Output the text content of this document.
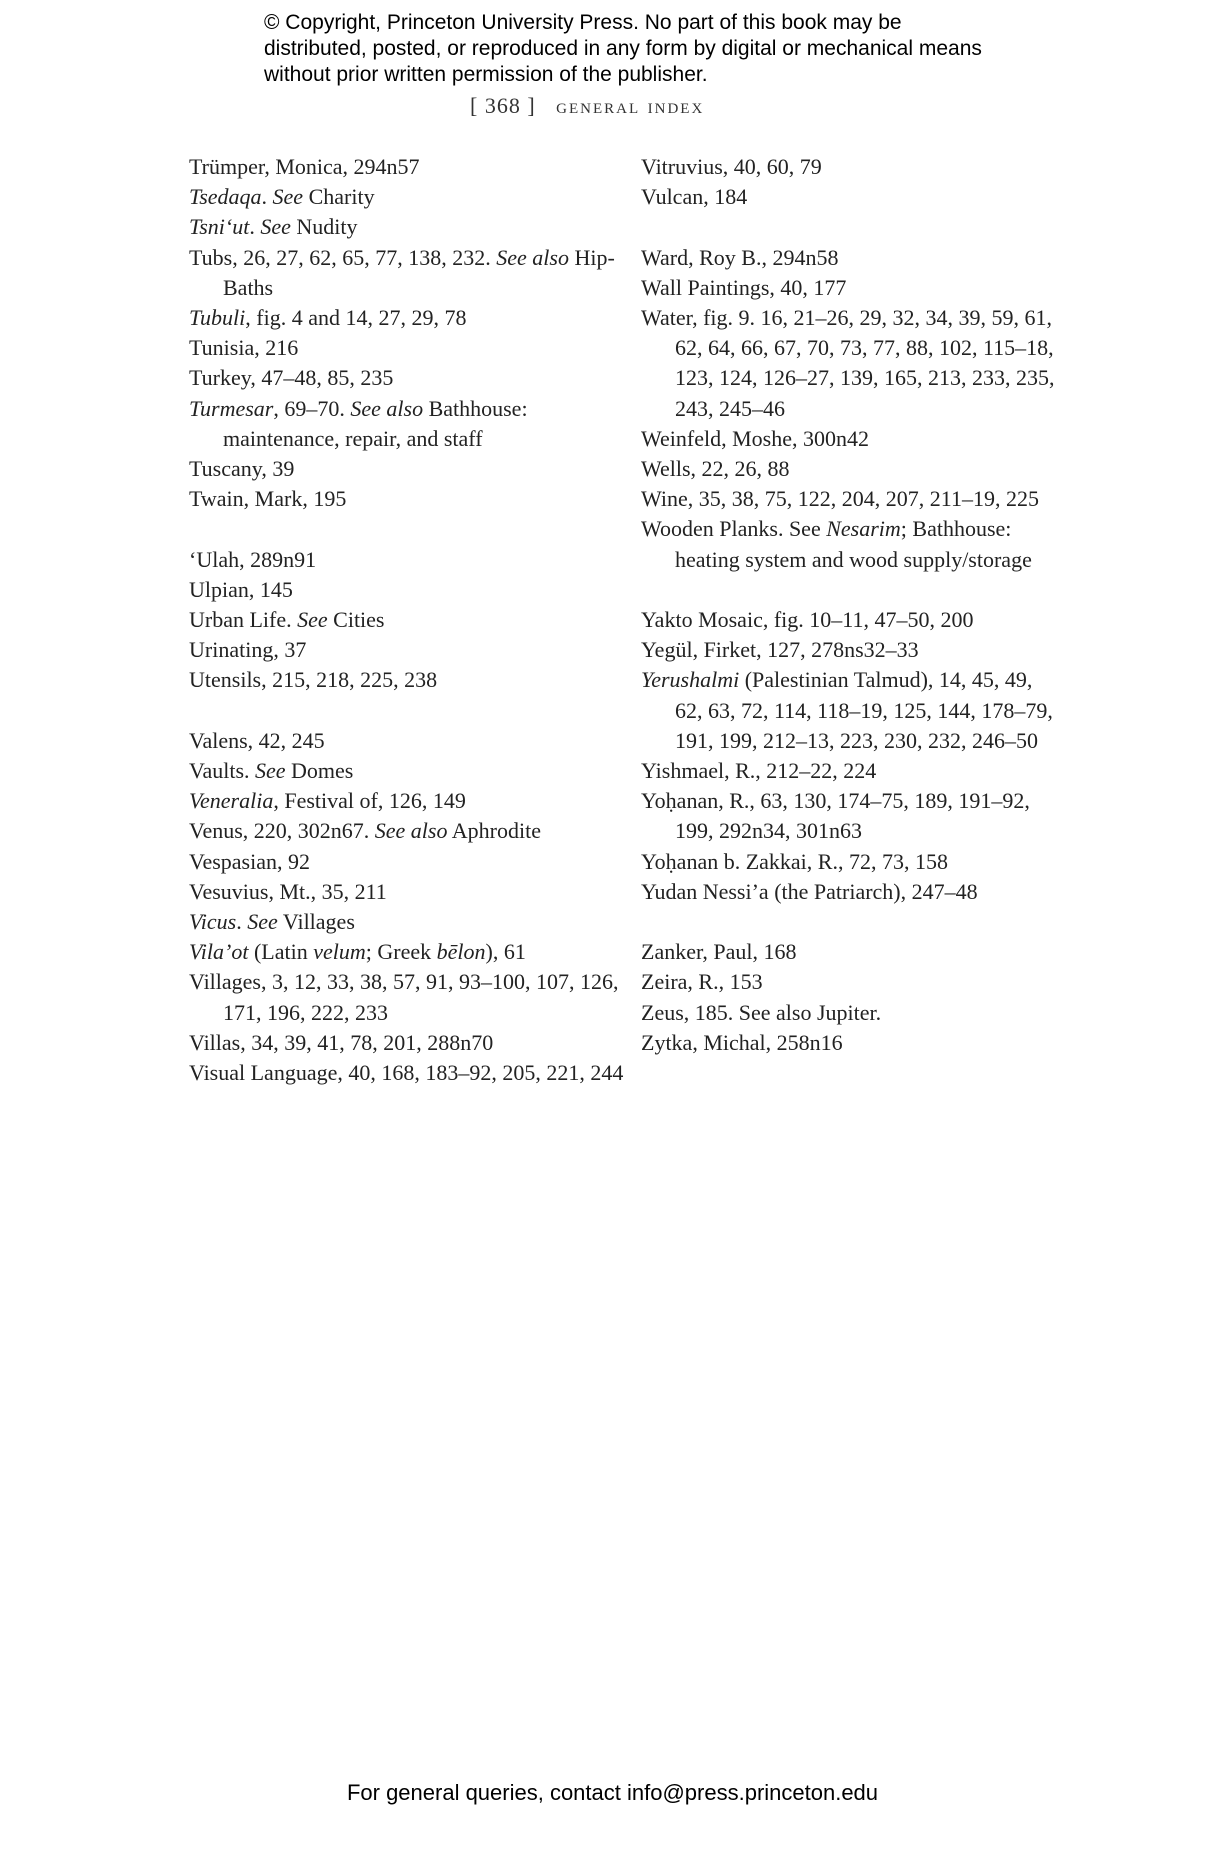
© Copyright, Princeton University Press. No part of this book may be distributed, posted, or reproduced in any form by digital or mechanical means without prior written permission of the publisher.
[ 368 ] general index

Trümper, Monica, 294n57

Tsedaqa. See Charity

Tsni‘ut. See Nudity

Tubs, 26, 27, 62, 65, 77, 138, 232. See also Hip-Baths

Tubuli, fig. 4 and 14, 27, 29, 78

Tunisia, 216

Turkey, 47–48, 85, 235

Turmesar, 69–70. See also Bathhouse: maintenance, repair, and staff

Tuscany, 39

Twain, Mark, 195

‘Ulah, 289n91

Ulpian, 145

Urban Life. See Cities

Urinating, 37

Utensils, 215, 218, 225, 238

Valens, 42, 245

Vaults. See Domes

Veneralia, Festival of, 126, 149

Venus, 220, 302n67. See also Aphrodite

Vespasian, 92

Vesuvius, Mt., 35, 211

Vicus. See Villages

Vila’ot (Latin velum; Greek bēlon), 61

Villages, 3, 12, 33, 38, 57, 91, 93–100, 107, 126, 171, 196, 222, 233

Villas, 34, 39, 41, 78, 201, 288n70

Visual Language, 40, 168, 183–92, 205, 221, 244

Vitruvius, 40, 60, 79

Vulcan, 184

Ward, Roy B., 294n58

Wall Paintings, 40, 177

Water, fig. 9. 16, 21–26, 29, 32, 34, 39, 59, 61, 62, 64, 66, 67, 70, 73, 77, 88, 102, 115–18, 123, 124, 126–27, 139, 165, 213, 233, 235, 243, 245–46

Weinfeld, Moshe, 300n42

Wells, 22, 26, 88

Wine, 35, 38, 75, 122, 204, 207, 211–19, 225

Wooden Planks. See Nesarim; Bathhouse: heating system and wood supply/storage

Yakto Mosaic, fig. 10–11, 47–50, 200

Yegül, Firket, 127, 278ns32–33

Yerushalmi (Palestinian Talmud), 14, 45, 49, 62, 63, 72, 114, 118–19, 125, 144, 178–79, 191, 199, 212–13, 223, 230, 232, 246–50

Yishmael, R., 212–22, 224

Yoḥanan, R., 63, 130, 174–75, 189, 191–92, 199, 292n34, 301n63

Yoḥanan b. Zakkai, R., 72, 73, 158

Yudan Nessi’a (the Patriarch), 247–48

Zanker, Paul, 168

Zeira, R., 153

Zeus, 185. See also Jupiter.

Zytka, Michal, 258n16

For general queries, contact info@press.princeton.edu
